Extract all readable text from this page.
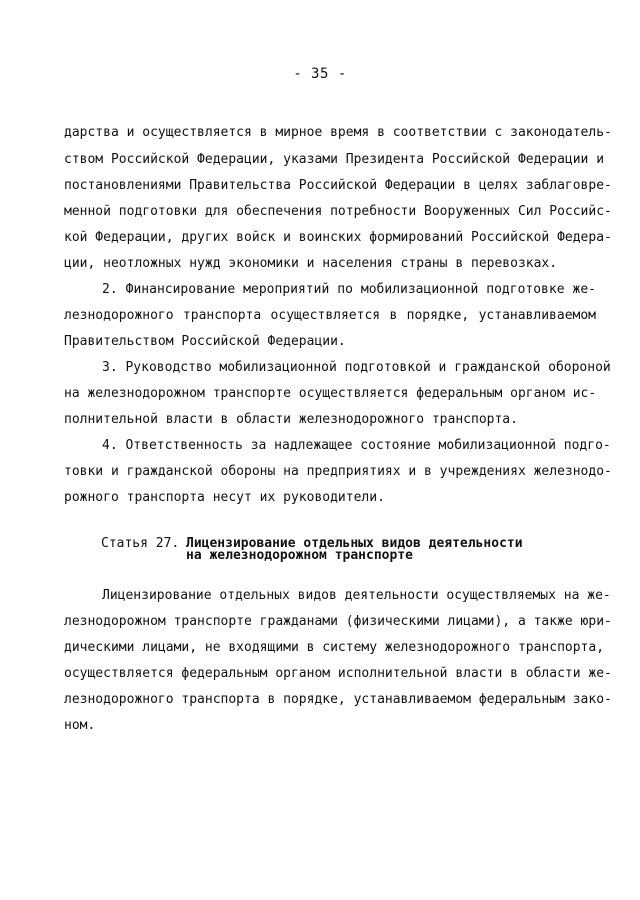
- 35 -
дарства и осуществляется в мирное время в соответствии с законодатель-
ством Российской Федерации, указами Президента Российской Федерации и
постановлениями Правительства Российской Федерации в целях заблаговре-
менной подготовки для обеспечения потребности Вооруженных Сил Российс-
кой Федерации, других войск и воинских формирований Российской Федера-
ции, неотложных нужд экономики и населения страны в перевозках.
2. Финансирование мероприятий по мобилизационной подготовке же-
лезнодорожного транспорта осуществляется в порядке, устанавливаемом
Правительством Российской Федерации.
3. Руководство мобилизационной подготовкой и гражданской обороной
на железнодорожном транспорте осуществляется федеральным органом ис-
полнительной власти в области железнодорожного транспорта.
4. Ответственность за надлежащее состояние мобилизационной подго-
товки и гражданской обороны на предприятиях и в учреждениях железнодо-
рожного транспорта несут их руководители.
Статья 27. Лицензирование отдельных видов деятельности
на железнодорожном транспорте
Лицензирование отдельных видов деятельности осуществляемых на же-
лезнодорожном транспорте гражданами (физическими лицами), а также юри-
дическими лицами, не входящими в систему железнодорожного транспорта,
осуществляется федеральным органом исполнительной власти в области же-
лезнодорожного транспорта в порядке, устанавливаемом федеральным зако-
ном.
